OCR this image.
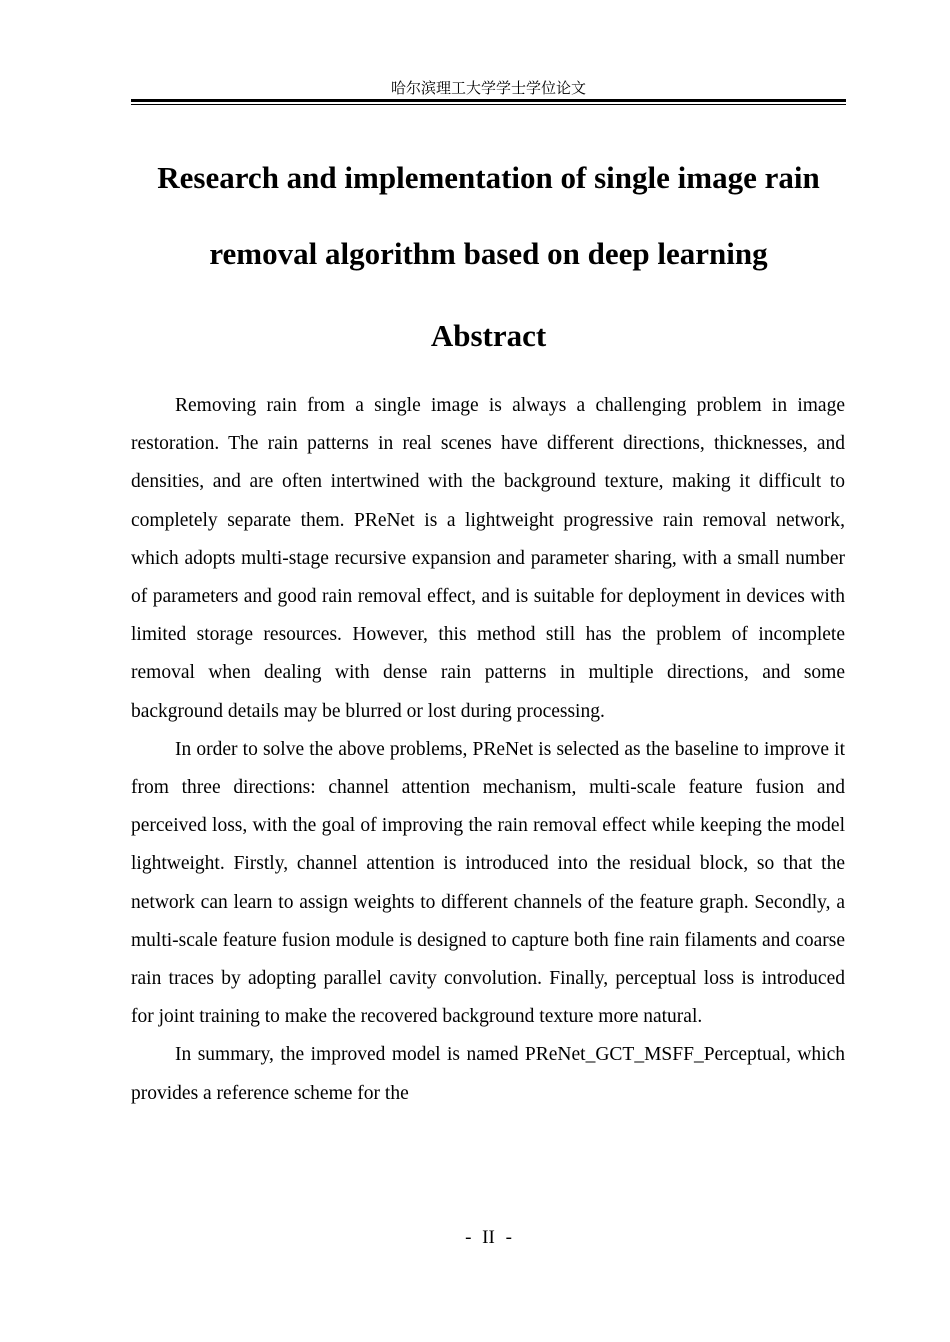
哈尔滨理工大学学士学位论文
Research and implementation of single image rain
removal algorithm based on deep learning
Abstract

Removing rain from a single image is always a challenging problem in image restoration. The rain patterns in real scenes have different directions, thicknesses, and densities, and are often intertwined with the background texture, making it difficult to completely separate them. PReNet is a lightweight progressive rain removal network, which adopts multi-stage recursive expansion and parameter sharing, with a small number of parameters and good rain removal effect, and is suitable for deployment in devices with limited storage resources. However, this method still has the problem of incomplete removal when dealing with dense rain patterns in multiple directions, and some background details may be blurred or lost during processing.

In order to solve the above problems, PReNet is selected as the baseline to improve it from three directions: channel attention mechanism, multi-scale feature fusion and perceived loss, with the goal of improving the rain removal effect while keeping the model lightweight. Firstly, channel attention is introduced into the residual block, so that the network can learn to assign weights to different channels of the feature graph. Secondly, a multi-scale feature fusion module is designed to capture both fine rain filaments and coarse rain traces by adopting parallel cavity convolution. Finally, perceptual loss is introduced for joint training to make the recovered background texture more natural.

In summary, the improved model is named PReNet_GCT_MSFF_Perceptual, which provides a reference scheme for the

- II -
